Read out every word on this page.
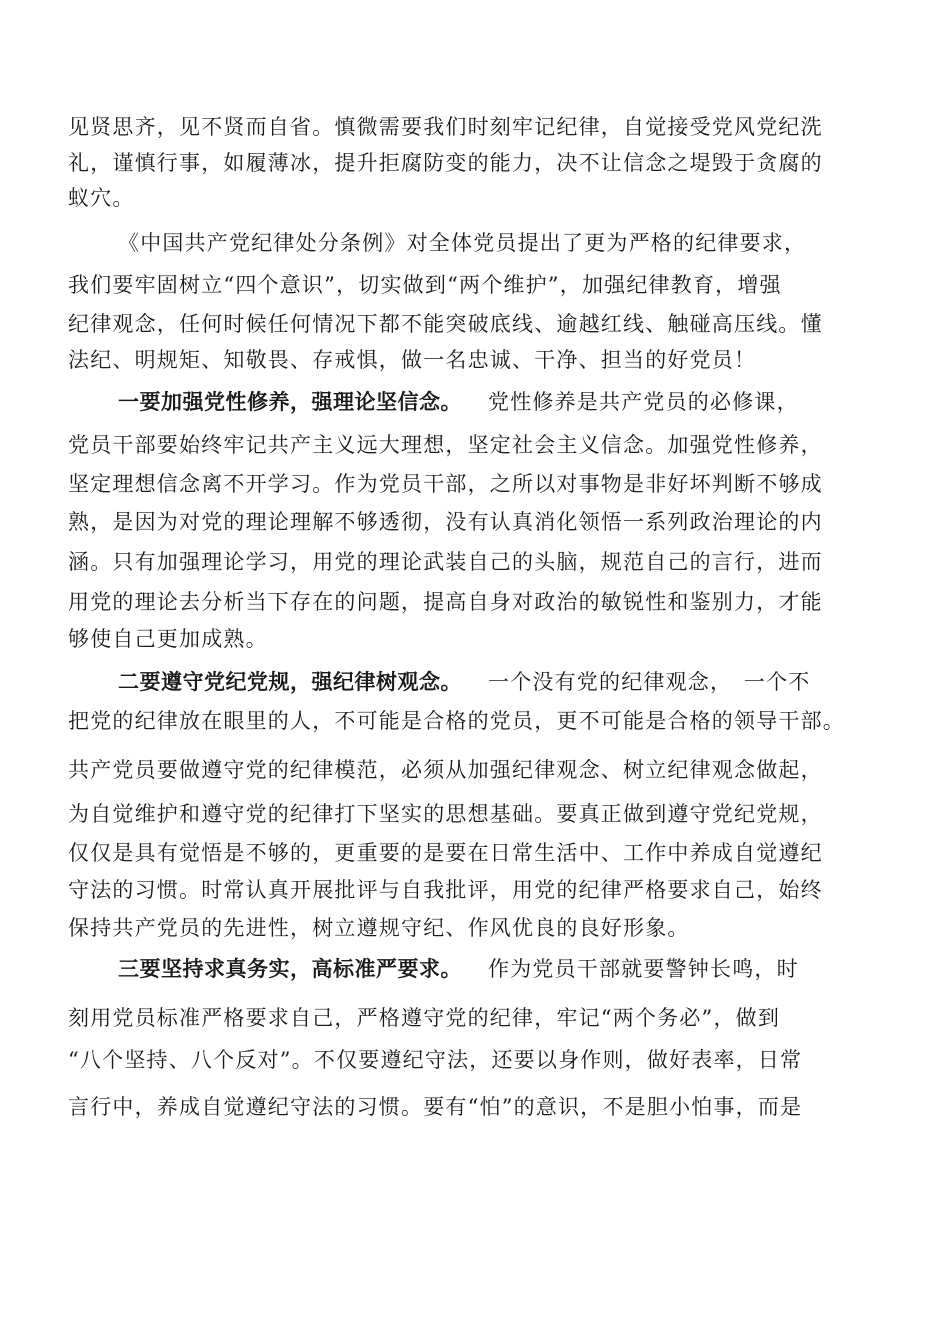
见贤思齐，见不贤而自省。慎微需要我们时刻牢记纪律，自觉接受党风党纪洗
礼，谨慎行事，如履薄冰，提升拒腐防变的能力，决不让信念之堤毁于贪腐的
蚁穴。
《中国共产党纪律处分条例》对全体党员提出了更为严格的纪律要求，
我们要牢固树立“四个意识”，切实做到“两个维护”，加强纪律教育，增强
纪律观念，任何时候任何情况下都不能突破底线、逾越红线、触碰高压线。懂
法纪、明规矩、知敬畏、存戒惧，做一名忠诚、干净、担当的好党员！
一要加强党性修养，强理论坚信念。 党性修养是共产党员的必修课，
党员干部要始终牢记共产主义远大理想，坚定社会主义信念。加强党性修养，
坚定理想信念离不开学习。作为党员干部，之所以对事物是非好坏判断不够成
熟，是因为对党的理论理解不够透彻，没有认真消化领悟一系列政治理论的内
涵。只有加强理论学习，用党的理论武装自己的头脑，规范自己的言行，进而
用党的理论去分析当下存在的问题，提高自身对政治的敏锐性和鉴别力，才能
够使自己更加成熟。
二要遵守党纪党规，强纪律树观念。 一个没有党的纪律观念，　一个不
把党的纪律放在眼里的人，不可能是合格的党员，更不可能是合格的领导干部。
共产党员要做遵守党的纪律模范，必须从加强纪律观念、树立纪律观念做起，
为自觉维护和遵守党的纪律打下坚实的思想基础。要真正做到遵守党纪党规，
仅仅是具有觉悟是不够的，更重要的是要在日常生活中、工作中养成自觉遵纪
守法的习惯。时常认真开展批评与自我批评，用党的纪律严格要求自己，始终
保持共产党员的先进性，树立遵规守纪、作风优良的良好形象。
三要坚持求真务实，高标准严要求。 作为党员干部就要警钟长鸣，时
刻用党员标准严格要求自己，严格遵守党的纪律，牢记“两个务必”，做到
“八个坚持、八个反对”。不仅要遵纪守法，还要以身作则，做好表率，日常
言行中，养成自觉遵纪守法的习惯。要有“怕”的意识，不是胆小怕事，而是
